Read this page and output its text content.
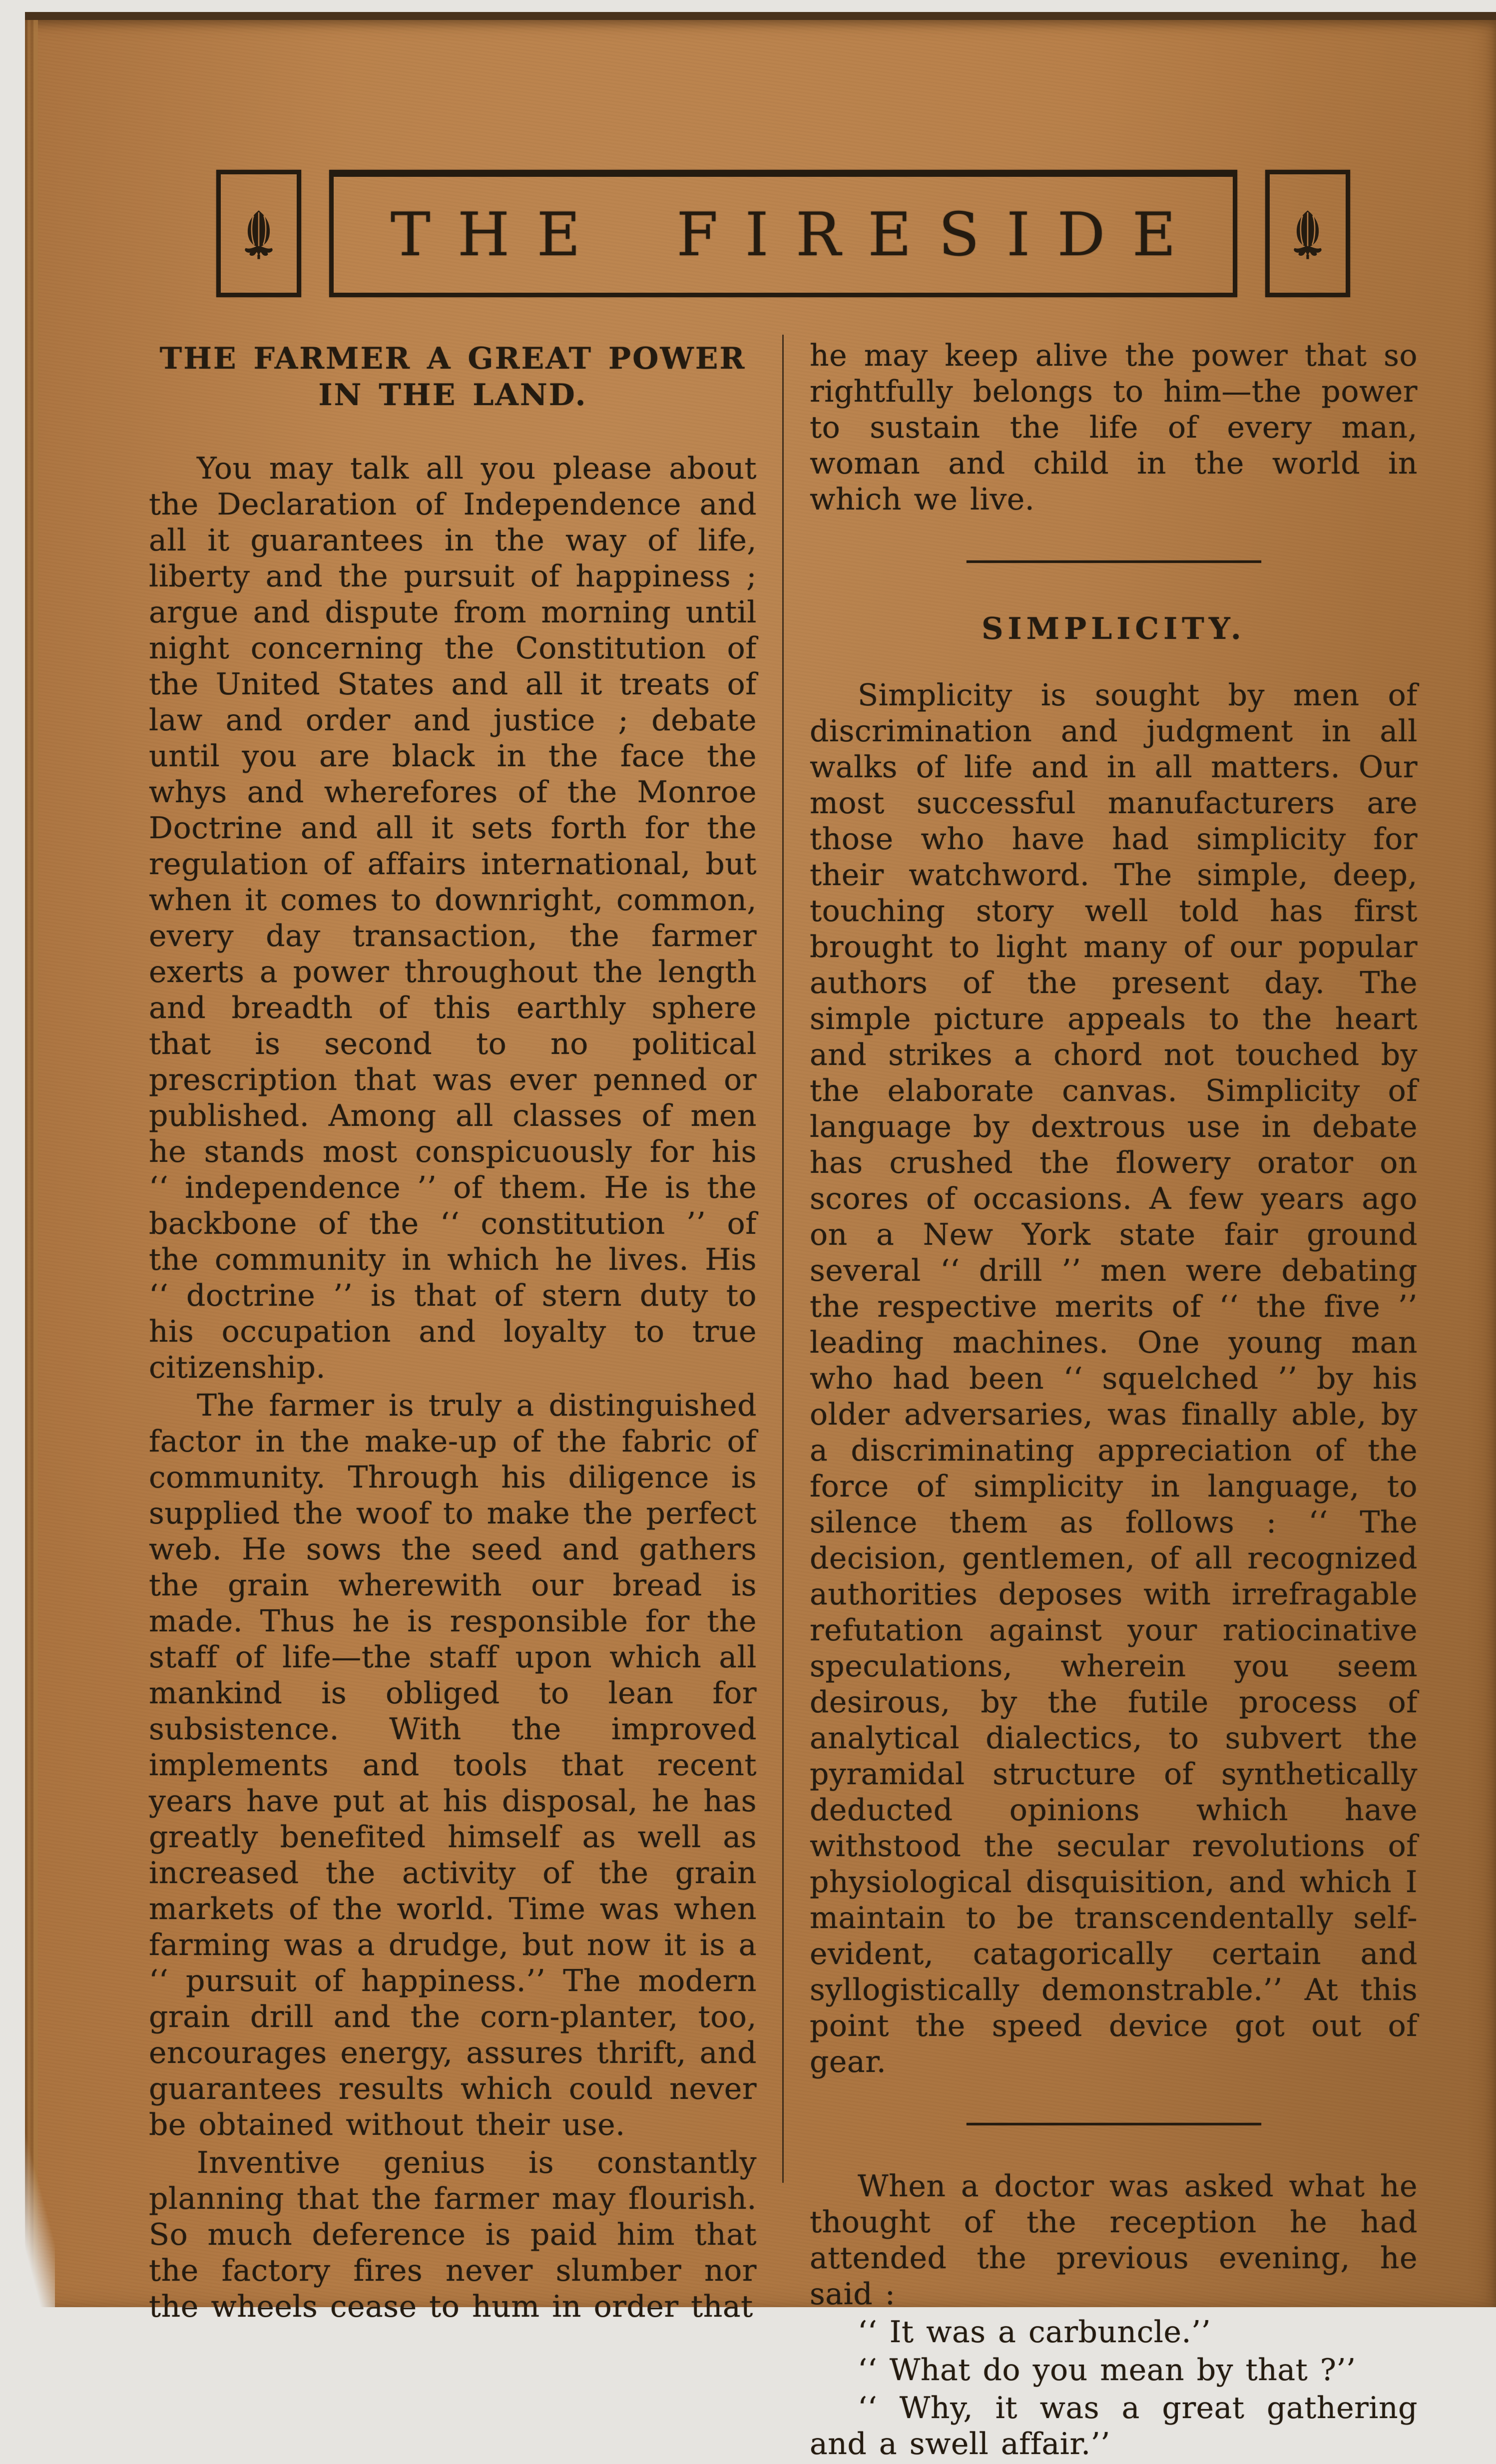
THE FIRESIDE
THE FARMER A GREAT POWER
IN THE LAND.

You may talk all you please about the Declaration of Independence and all it guarantees in the way of life, liberty and the pursuit of happiness ; argue and dispute from morning until night concerning the Constitution of the United States and all it treats of law and order and justice ; debate until you are black in the face the whys and wherefores of the Monroe Doctrine and all it sets forth for the regulation of affairs international, but when it comes to downright, common, every day transaction, the farmer exerts a power throughout the length and breadth of this earthly sphere that is second to no political prescription that was ever penned or published. Among all classes of men he stands most conspicuously for his ‘‘ independence ’’ of them. He is the backbone of the ‘‘ constitution ’’ of the community in which he lives. His ‘‘ doctrine ’’ is that of stern duty to his occupation and loyalty to true citizenship.

The farmer is truly a distinguished factor in the make-up of the fabric of community. Through his diligence is supplied the woof to make the perfect web. He sows the seed and gathers the grain wherewith our bread is made. Thus he is responsible for the staff of life—the staff upon which all mankind is obliged to lean for subsistence. With the improved implements and tools that recent years have put at his disposal, he has greatly benefited himself as well as increased the activity of the grain markets of the world. Time was when farming was a drudge, but now it is a ‘‘ pursuit of happiness.’’ The modern grain drill and the corn-planter, too, encourages energy, assures thrift, and guarantees results which could never be obtained without their use.

Inventive genius is constantly planning that the farmer may flourish. So much deference is paid him that the factory fires never slumber nor the wheels cease to hum in order that

he may keep alive the power that so rightfully belongs to him—the power to sustain the life of every man, woman and child in the world in which we live.

SIMPLICITY.

Simplicity is sought by men of discrimination and judgment in all walks of life and in all matters. Our most successful manufacturers are those who have had simplicity for their watchword. The simple, deep, touching story well told has first brought to light many of our popular authors of the present day. The simple picture appeals to the heart and strikes a chord not touched by the elaborate canvas. Simplicity of language by dextrous use in debate has crushed the flowery orator on scores of occasions. A few years ago on a New York state fair ground several ‘‘ drill ’’ men were debating the respective merits of ‘‘ the five ’’ leading machines. One young man who had been ‘‘ squelched ’’ by his older adversaries, was finally able, by a discriminating appreciation of the force of simplicity in language, to silence them as follows : ‘‘ The decision, gentlemen, of all recognized authorities deposes with irrefragable refutation against your ratiocinative speculations, wherein you seem desirous, by the futile process of analytical dialectics, to subvert the pyramidal structure of synthetically deducted opinions which have withstood the secular revolutions of physiological disquisition, and which I maintain to be transcendentally self-evident, catagorically certain and syllogistically demonstrable.’’ At this point the speed device got out of gear.

When a doctor was asked what he thought of the reception he had attended the previous evening, he said :

‘‘ It was a carbuncle.’’

‘‘ What do you mean by that ?’’

‘‘ Why, it was a great gathering and a swell affair.’’
